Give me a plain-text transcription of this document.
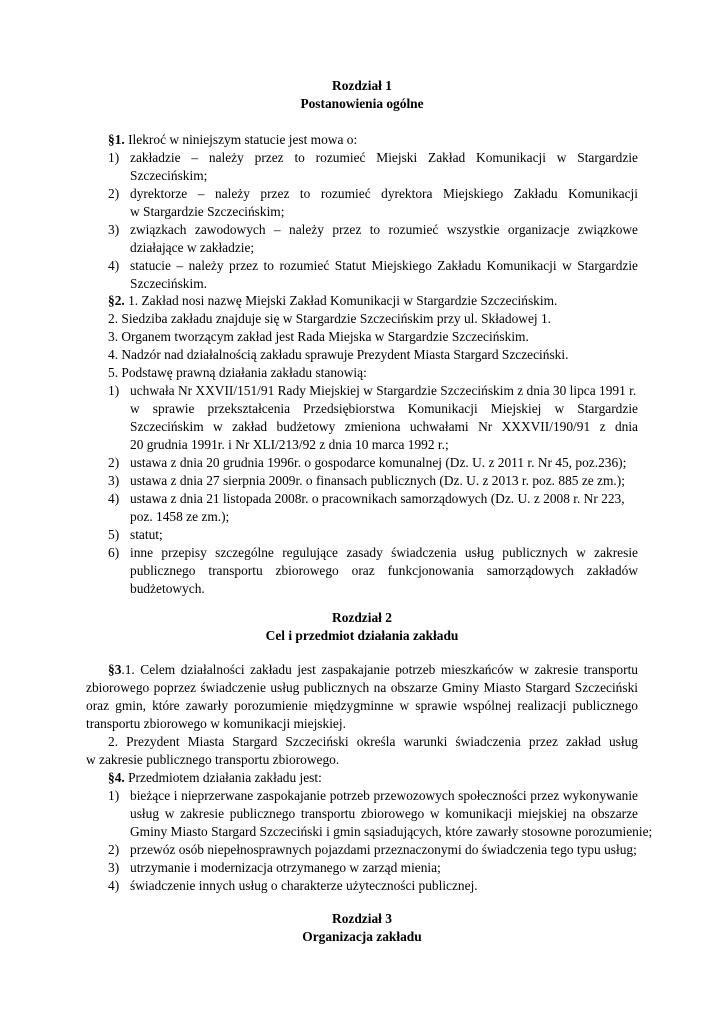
Rozdział 1
Postanowienia ogólne
§1. Ilekroć w niniejszym statucie jest mowa o:
1) zakładzie – należy przez to rozumieć Miejski Zakład Komunikacji w Stargardzie
Szczecińskim;
2) dyrektorze – należy przez to rozumieć dyrektora Miejskiego Zakładu Komunikacji
w Stargardzie Szczecińskim;
3) związkach zawodowych – należy przez to rozumieć wszystkie organizacje związkowe
działające w zakładzie;
4) statucie – należy przez to rozumieć Statut Miejskiego Zakładu Komunikacji w Stargardzie
Szczecińskim.
§2. 1. Zakład nosi nazwę Miejski Zakład Komunikacji w Stargardzie Szczecińskim.
2. Siedziba zakładu znajduje się w Stargardzie Szczecińskim przy ul. Składowej 1.
3. Organem tworzącym zakład jest Rada Miejska w Stargardzie Szczecińskim.
4. Nadzór nad działalnością zakładu sprawuje Prezydent Miasta Stargard Szczeciński.
5. Podstawę prawną działania zakładu stanowią:
1) uchwała Nr XXVII/151/91 Rady Miejskiej w Stargardzie Szczecińskim z dnia 30 lipca 1991 r.
w sprawie przekształcenia Przedsiębiorstwa Komunikacji Miejskiej w Stargardzie
Szczecińskim w zakład budżetowy zmieniona uchwałami Nr XXXVII/190/91 z dnia
20 grudnia 1991r. i Nr XLI/213/92 z dnia 10 marca 1992 r.;
2) ustawa z dnia 20 grudnia 1996r. o gospodarce komunalnej (Dz. U. z 2011 r. Nr 45, poz.236);
3) ustawa z dnia 27 sierpnia 2009r. o finansach publicznych (Dz. U. z 2013 r. poz. 885 ze zm.);
4) ustawa z dnia 21 listopada 2008r. o pracownikach samorządowych (Dz. U. z 2008 r. Nr 223,
poz. 1458 ze zm.);
5) statut;
6) inne przepisy szczególne regulujące zasady świadczenia usług publicznych w zakresie
publicznego transportu zbiorowego oraz funkcjonowania samorządowych zakładów
budżetowych.
Rozdział 2
Cel i przedmiot działania zakładu
§3.1. Celem działalności zakładu jest zaspakajanie potrzeb mieszkańców w zakresie transportu
zbiorowego poprzez świadczenie usług publicznych na obszarze Gminy Miasto Stargard Szczeciński
oraz gmin, które zawarły porozumienie międzygminne w sprawie wspólnej realizacji publicznego
transportu zbiorowego w komunikacji miejskiej.
2. Prezydent Miasta Stargard Szczeciński określa warunki świadczenia przez zakład usług
w zakresie publicznego transportu zbiorowego.
§4. Przedmiotem działania zakładu jest:
1) bieżące i nieprzerwane zaspokajanie potrzeb przewozowych społeczności przez wykonywanie
usług w zakresie publicznego transportu zbiorowego w komunikacji miejskiej na obszarze
Gminy Miasto Stargard Szczeciński i gmin sąsiadujących, które zawarły stosowne porozumienie;
2) przewóz osób niepełnosprawnych pojazdami przeznaczonymi do świadczenia tego typu usług;
3) utrzymanie i modernizacja otrzymanego w zarząd mienia;
4) świadczenie innych usług o charakterze użyteczności publicznej.
Rozdział 3
Organizacja zakładu
